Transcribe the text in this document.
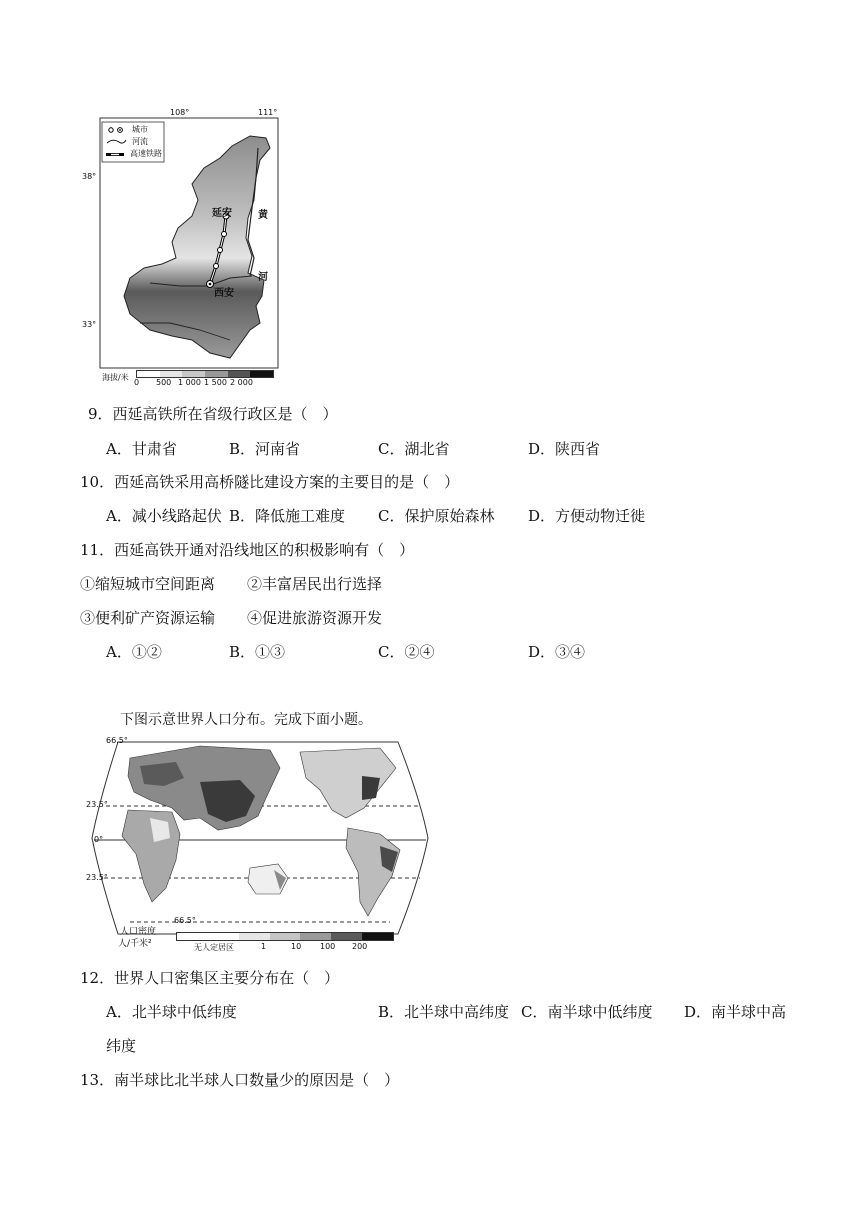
城市
河流
高速铁路
108°	111°
38°
33°
延安
西安
黄
河
海拔/米
0 500 1 000 1 500 2 000
9．西延高铁所在省级行政区是（　）
A．甘肃省	B．河南省	C．湖北省	D．陕西省
10．西延高铁采用高桥隧比建设方案的主要目的是（　）
A．减小线路起伏 B．降低施工难度 C．保护原始森林 D．方便动物迁徙
11．西延高铁开通对沿线地区的积极影响有（　）
①缩短城市空间距离 ②丰富居民出行选择
③便利矿产资源运输 ④促进旅游资源开发
A．①②	B．①③	C．②④	D．③④
下图示意世界人口分布。完成下面小题。
66.5°
23.5°
0°
23.5°
66.5°
人口密度
人/千米²	无人定居区	1	10 100 200
12．世界人口密集区主要分布在（　）
A．北半球中低纬度	B．北半球中高纬度 C．南半球中低纬度 D．南半球中高
纬度
13．南半球比北半球人口数量少的原因是（　）
